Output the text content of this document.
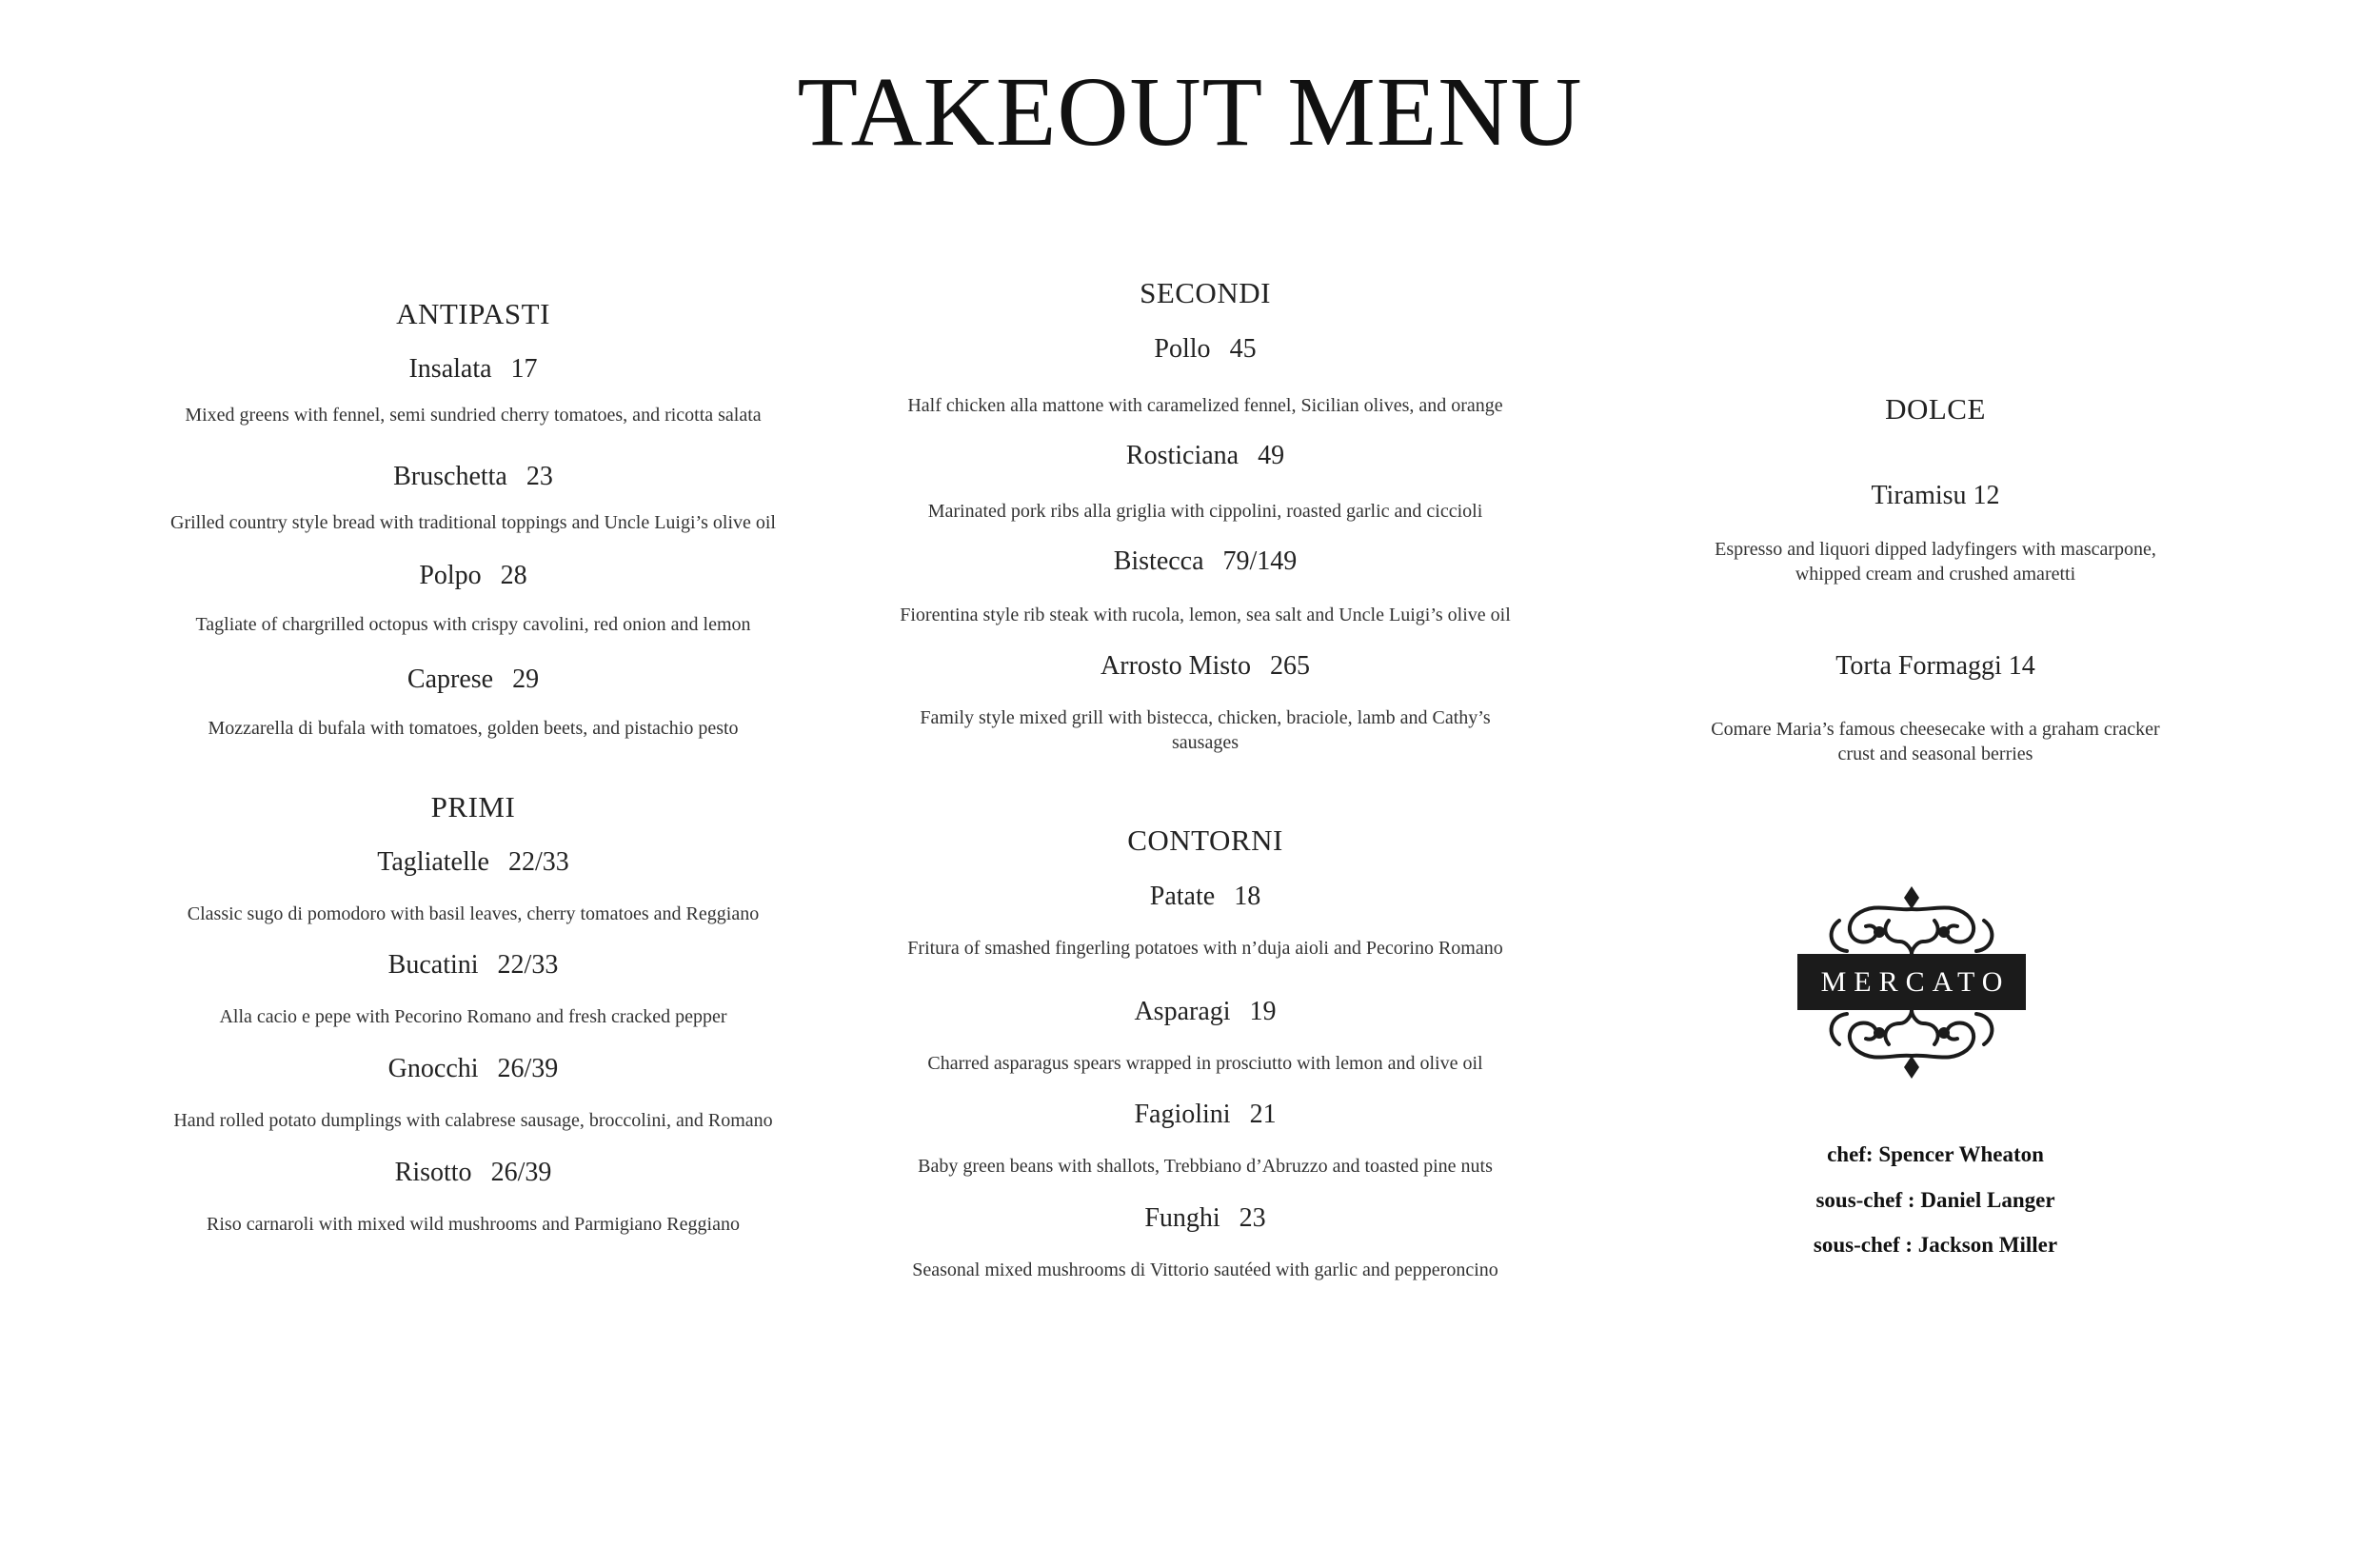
TAKEOUT MENU
ANTIPASTI
Insalata 17
Mixed greens with fennel, semi sundried cherry tomatoes, and ricotta salata
Bruschetta 23
Grilled country style bread with traditional toppings and Uncle Luigi’s olive oil
Polpo 28
Tagliate of chargrilled octopus with crispy cavolini, red onion and lemon
Caprese 29
Mozzarella di bufala with tomatoes, golden beets, and pistachio pesto
PRIMI
Tagliatelle 22/33
Classic sugo di pomodoro with basil leaves, cherry tomatoes and Reggiano
Bucatini 22/33
Alla cacio e pepe with Pecorino Romano and fresh cracked pepper
Gnocchi 26/39
Hand rolled potato dumplings with calabrese sausage, broccolini, and Romano
Risotto 26/39
Riso carnaroli with mixed wild mushrooms and Parmigiano Reggiano
SECONDI
Pollo 45
Half chicken alla mattone with caramelized fennel, Sicilian olives, and orange
Rosticiana 49
Marinated pork ribs alla griglia with cippolini, roasted garlic and ciccioli
Bistecca 79/149
Fiorentina style rib steak with rucola, lemon, sea salt and Uncle Luigi’s olive oil
Arrosto Misto 265
Family style mixed grill with bistecca, chicken, braciole, lamb and Cathy’s
sausages
CONTORNI
Patate 18
Fritura of smashed fingerling potatoes with n’duja aioli and Pecorino Romano
Asparagi 19
Charred asparagus spears wrapped in prosciutto with lemon and olive oil
Fagiolini 21
Baby green beans with shallots, Trebbiano d’Abruzzo and toasted pine nuts
Funghi 23
Seasonal mixed mushrooms di Vittorio sautéed with garlic and pepperoncino
DOLCE
Tiramisu 12
Espresso and liquori dipped ladyfingers with mascarpone,
whipped cream and crushed amaretti
Torta Formaggi 14
Comare Maria’s famous cheesecake with a graham cracker
crust and seasonal berries
MERCATO
chef: Spencer Wheaton
sous-chef : Daniel Langer
sous-chef : Jackson Miller
